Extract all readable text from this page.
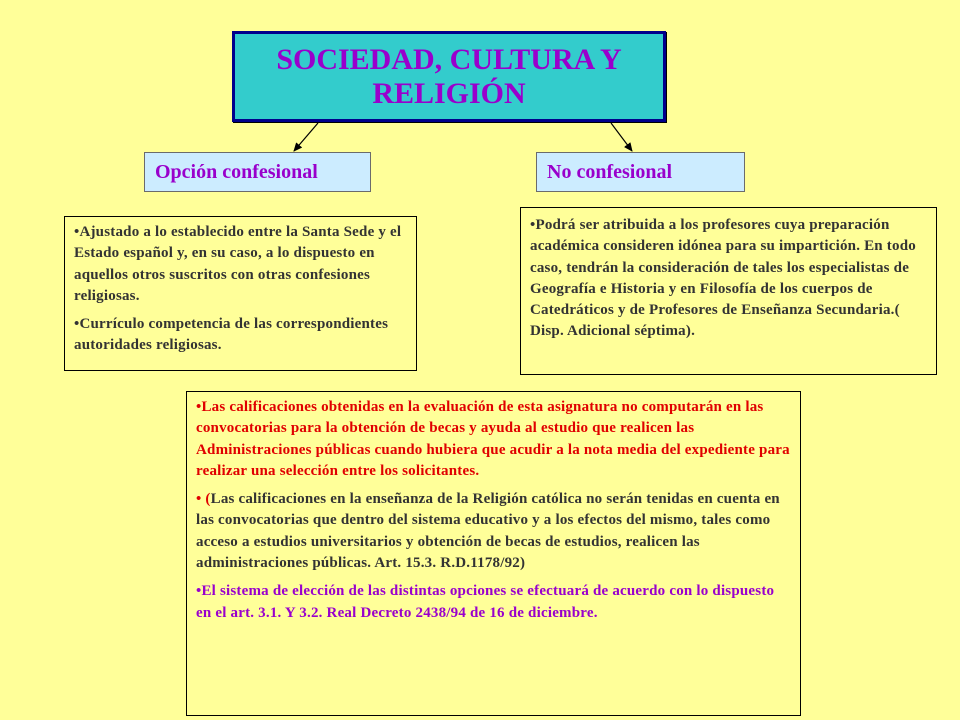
SOCIEDAD, CULTURA Y RELIGIÓN
Opción confesional	No confesional

•Ajustado a lo establecido entre la Santa Sede y el Estado español y, en su caso, a lo dispuesto en aquellos otros suscritos con otras confesiones religiosas.

•Currículo competencia de las correspondientes autoridades religiosas.

•Podrá ser atribuida a los profesores cuya preparación académica consideren idónea para su impartición. En todo caso, tendrán la consideración de tales los especialistas de Geografía e Historia y en Filosofía de los cuerpos de Catedráticos y de Profesores de Enseñanza Secundaria.( Disp. Adicional séptima).

•Las calificaciones obtenidas en la evaluación de esta asignatura no computarán en las convocatorias para la obtención de becas y ayuda al estudio que realicen las Administraciones públicas cuando hubiera que acudir a la nota media del expediente para realizar una selección entre los solicitantes.

• (Las calificaciones en la enseñanza de la Religión católica no serán tenidas en cuenta en las convocatorias que dentro del sistema educativo y a los efectos del mismo, tales como acceso a estudios universitarios y obtención de becas de estudios, realicen las administraciones públicas. Art. 15.3. R.D.1178/92)

•El sistema de elección de las distintas opciones se efectuará de acuerdo con lo dispuesto en el art. 3.1. Y 3.2. Real Decreto 2438/94 de 16 de diciembre.
